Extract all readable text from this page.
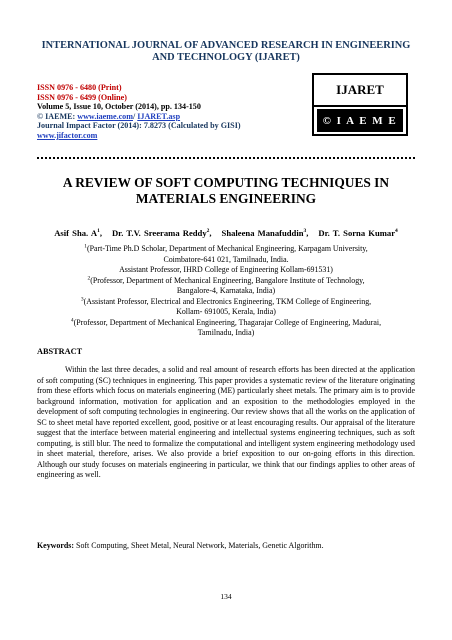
INTERNATIONAL JOURNAL OF ADVANCED RESEARCH IN ENGINEERING
AND TECHNOLOGY (IJARET)
ISSN 0976 - 6480 (Print)
ISSN 0976 - 6499 (Online)
Volume 5, Issue 10, October (2014), pp. 134-150
© IAEME: www.iaeme.com/ IJARET.asp
Journal Impact Factor (2014): 7.8273 (Calculated by GISI)
www.jifactor.com
IJARET
© I A E M E
A REVIEW OF SOFT COMPUTING TECHNIQUES IN
MATERIALS ENGINEERING
Asif Sha. $A^1$, Dr. T.V. Sreerama Reddy$^2$, Shaleena Manafuddin$^3$, Dr. T. Sorna Kumar$^4$
$^1$(Part-Time Ph.D Scholar, Department of Mechanical Engineering, Karpagam University,
Coimbatore-641 021, Tamilnadu, India.
Assistant Professor, IHRD College of Engineering Kollam-691531)
$^2$(Professor, Department of Mechanical Engineering, Bangalore Institute of Technology,
Bangalore-4, Karnataka, India)
$^3$(Assistant Professor, Electrical and Electronics Engineering, TKM College of Engineering,
Kollam- 691005, Kerala, India)
$^4$(Professor, Department of Mechanical Engineering, Thagarajar College of Engineering, Madurai,
Tamilnadu, India)
ABSTRACT
Within the last three decades, a solid and real amount of research efforts has been directed at the application of soft computing (SC) techniques in engineering. This paper provides a systematic review of the literature originating from these efforts which focus on materials engineering (ME) particularly sheet metals. The primary aim is to provide background information, motivation for application and an exposition to the methodologies employed in the development of soft computing technologies in engineering. Our review shows that all the works on the application of SC to sheet metal have reported excellent, good, positive or at least encouraging results. Our appraisal of the literature suggest that the interface between material engineering and intellectual systems engineering techniques, such as soft computing, is still blur. The need to formalize the computational and intelligent system engineering methodology used in sheet material, therefore, arises. We also provide a brief exposition to our on-going efforts in this direction. Although our study focuses on materials engineering in particular, we think that our findings applies to other areas of engineering as well.
Keywords: Soft Computing, Sheet Metal, Neural Network, Materials, Genetic Algorithm.
134
